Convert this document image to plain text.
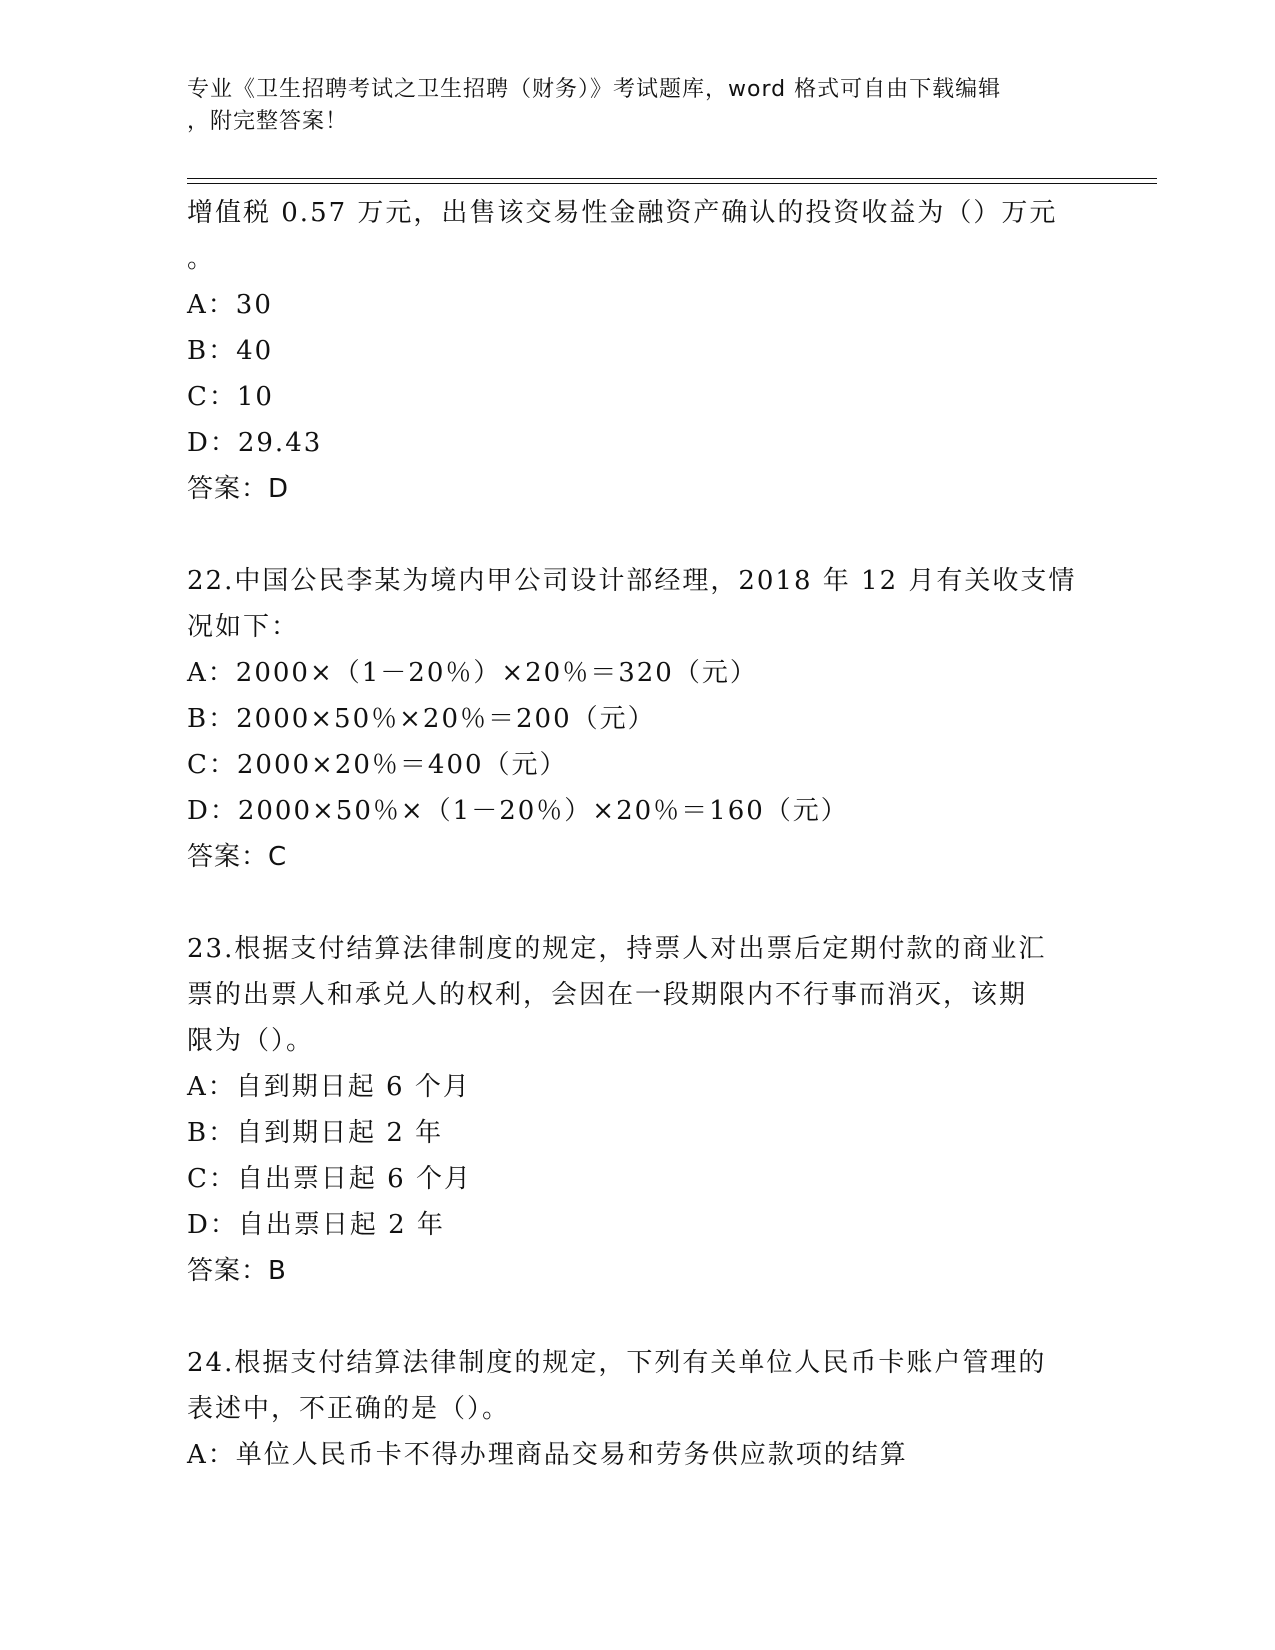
专业《卫生招聘考试之卫生招聘（财务）》考试题库，word 格式可自由下载编辑
，附完整答案！
增值税 0.57 万元，出售该交易性金融资产确认的投资收益为（）万元
。
A：30
B：40
C：10
D：29.43
答案：D
22.中国公民李某为境内甲公司设计部经理，2018 年 12 月有关收支情
况如下：
A：2000×（1－20％）×20％＝320（元）
B：2000×50％×20％＝200（元）
C：2000×20％＝400（元）
D：2000×50％×（1－20％）×20％＝160（元）
答案：C
23.根据支付结算法律制度的规定，持票人对出票后定期付款的商业汇
票的出票人和承兑人的权利，会因在一段期限内不行事而消灭，该期
限为（）。
A：自到期日起 6 个月
B：自到期日起 2 年
C：自出票日起 6 个月
D：自出票日起 2 年
答案：B
24.根据支付结算法律制度的规定，下列有关单位人民币卡账户管理的
表述中，不正确的是（）。
A：单位人民币卡不得办理商品交易和劳务供应款项的结算
